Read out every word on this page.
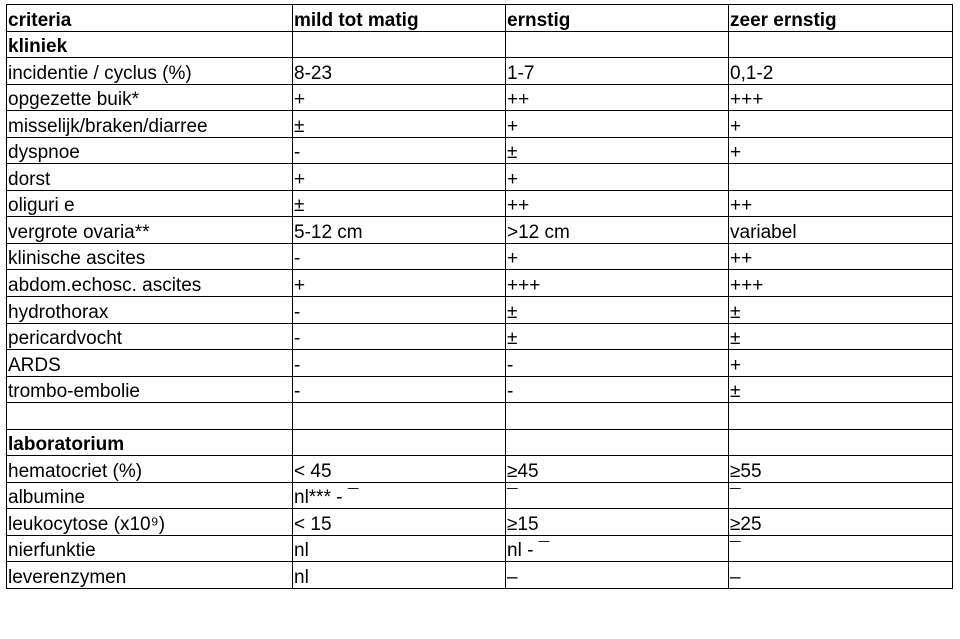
criteria	mild tot matig	ernstig	zeer ernstig
kliniek			
incidentie / cyclus (%)	8-23	1-7	0,1-2
opgezette buik*	+	++	+++
misselijk/braken/diarree	±	+	+
dyspnoe	-	±	+
dorst	+	+	
oliguri e	±	++	++
vergrote ovaria**	5-12 cm	>12 cm	variabel
klinische ascites	-	+	++
abdom.echosc. ascites	+	+++	+++
hydrothorax	-	±	±
pericardvocht	-	±	±
ARDS	-	-	+
trombo-embolie	-	-	±

laboratorium			
hematocriet (%)	< 45	≥45	≥55
albumine	nl*** - ¯	¯	¯
leukocytose (x10⁹)	< 15	≥15	≥25
nierfunktie	nl	nl - ¯	¯
leverenzymen	nl	–	–
